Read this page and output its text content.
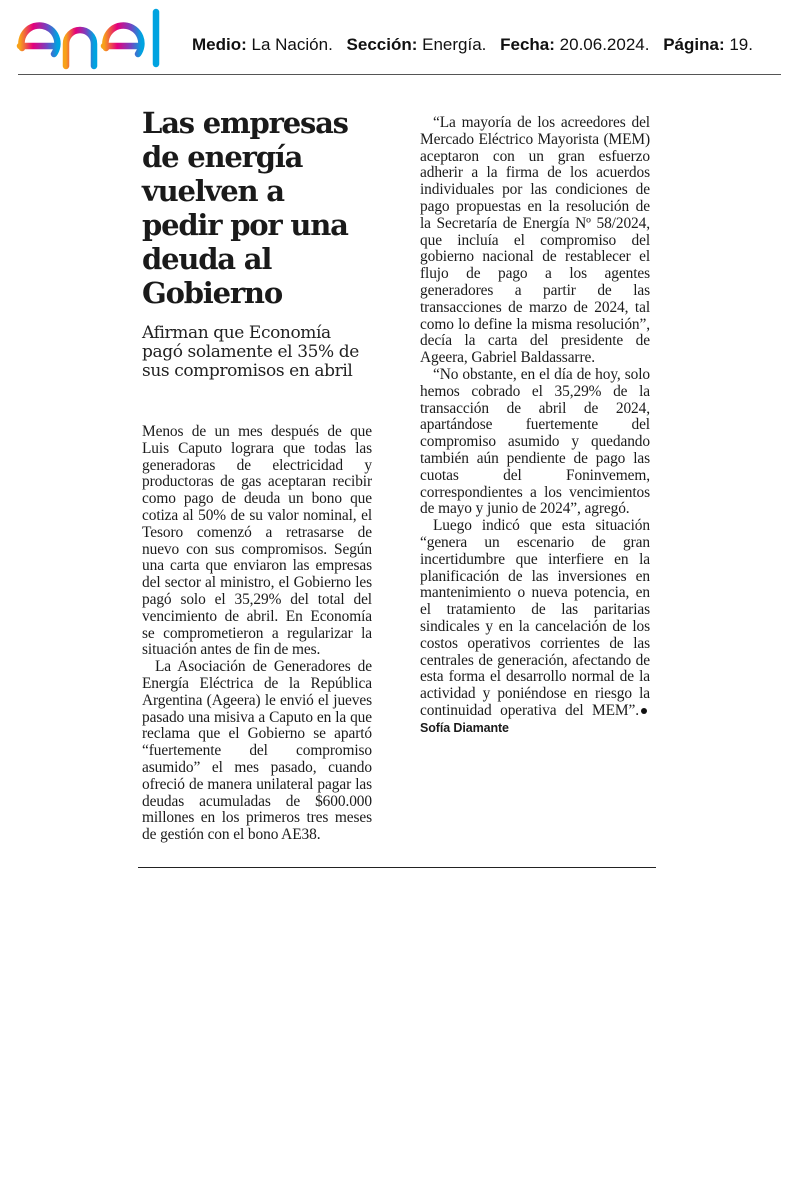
Medio: La Nación. Sección: Energía. Fecha: 20.06.2024. Página: 19.
Las empresas de energía vuelven a pedir por una deuda al Gobierno
Afirman que Economía pagó solamente el 35% de sus compromisos en abril

Menos de un mes después de que Luis Caputo lograra que todas las generadoras de electricidad y productoras de gas aceptaran recibir como pago de deuda un bono que cotiza al 50% de su valor nominal, el Tesoro comenzó a retrasarse de nuevo con sus compromisos. Según una carta que enviaron las empresas del sector al ministro, el Gobierno les pagó solo el 35,29% del total del vencimiento de abril. En Economía se comprometieron a regularizar la situación antes de fin de mes.

La Asociación de Generadores de Energía Eléctrica de la República Argentina (Ageera) le envió el jueves pasado una misiva a Caputo en la que reclama que el Gobierno se apartó “fuertemente del compromiso asumido” el mes pasado, cuando ofreció de manera unilateral pagar las deudas acumuladas de $600.000 millones en los primeros tres meses de gestión con el bono AE38.

“La mayoría de los acreedores del Mercado Eléctrico Mayorista (MEM) aceptaron con un gran esfuerzo adherir a la firma de los acuerdos individuales por las condiciones de pago propuestas en la resolución de la Secretaría de Energía Nº 58/2024, que incluía el compromiso del gobierno nacional de restablecer el flujo de pago a los agentes generadores a partir de las transacciones de marzo de 2024, tal como lo define la misma resolución”, decía la carta del presidente de Ageera, Gabriel Baldassarre.

“No obstante, en el día de hoy, solo hemos cobrado el 35,29% de la transacción de abril de 2024, apartándose fuertemente del compromiso asumido y quedando también aún pendiente de pago las cuotas del Foninvemem, correspondientes a los vencimientos de mayo y junio de 2024”, agregó.

Luego indicó que esta situación “genera un escenario de gran incertidumbre que interfiere en la planificación de las inversiones en mantenimiento o nueva potencia, en el tratamiento de las paritarias sindicales y en la cancelación de los costos operativos corrientes de las centrales de generación, afectando de esta forma el desarrollo normal de la actividad y poniéndose en riesgo la continuidad operativa del MEM”.Sofía Diamante
